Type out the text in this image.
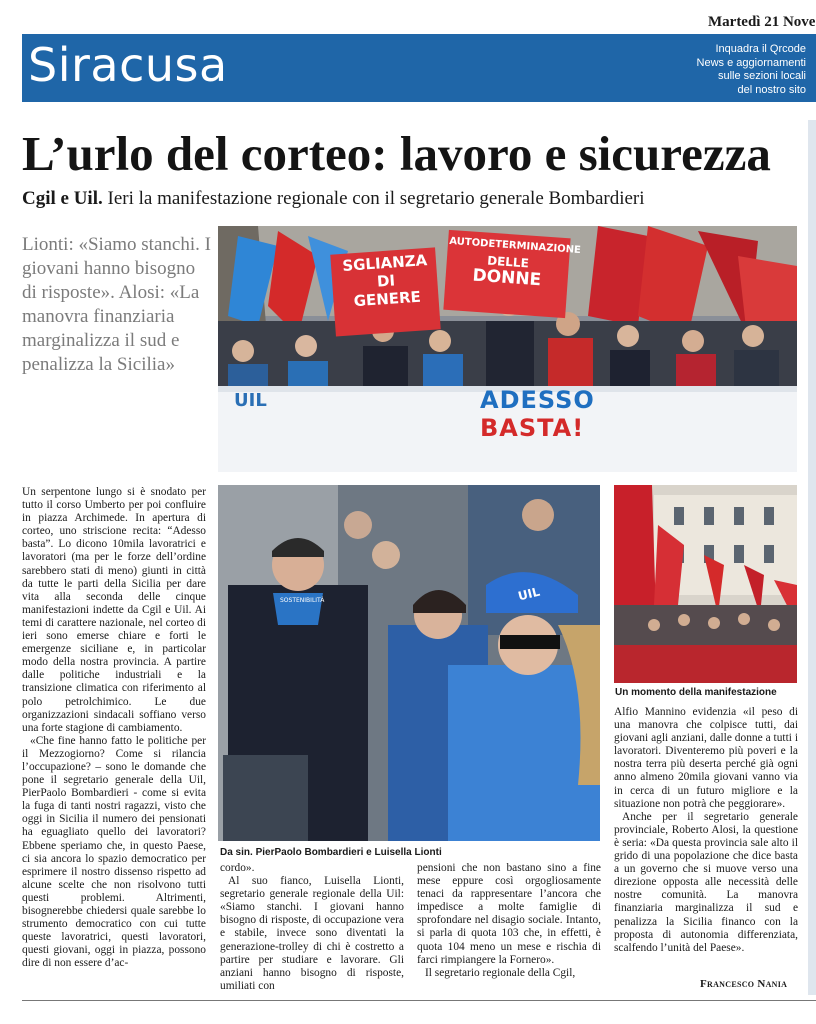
Martedì 21 Nove
Siracusa	Inquadra il Qrcode
News e aggiornamenti
sulle sezioni locali
del nostro sito
L’urlo del corteo: lavoro e sicurezza
Cgil e Uil. Ieri la manifestazione regionale con il segretario generale Bombardieri
Lionti: «Siamo stanchi. I giovani hanno bisogno di risposte». Alosi: «La manovra finanziaria marginalizza il sud e penalizza la Sicilia»
SGLIANZA
DI
GENERE
AUTODETERMINAZIONE
DELLE
DONNE
UIL	ADESSO
BASTA!
UIL
SOSTENIBILITÀ
Da sin. PierPaolo Bombardieri e Luisella Lionti
Un momento della manifestazione

Un serpentone lungo si è snodato per tutto il corso Umberto per poi confluire in piazza Archimede. In apertura di corteo, uno striscione recita: “Adesso basta”. Lo dicono 10mila lavoratrici e lavoratori (ma per le forze dell’ordine sarebbero stati di meno) giunti in città da tutte le parti della Sicilia per dare vita alla seconda delle cinque manifestazioni indette da Cgil e Uil. Ai temi di carattere nazionale, nel corteo di ieri sono emerse chiare e forti le emergenze siciliane e, in particolar modo della nostra provincia. A partire dalle politiche industriali e la transizione climatica con riferimento al polo petrolchimico. Le due organizzazioni sindacali soffiano verso una forte stagione di cambiamento.

«Che fine hanno fatto le politiche per il Mezzogiorno? Come si rilancia l’occupazione? – sono le domande che pone il segretario generale della Uil, PierPaolo Bombardieri - come si evita la fuga di tanti nostri ragazzi, visto che oggi in Sicilia il numero dei pensionati ha eguagliato quello dei lavoratori? Ebbene speriamo che, in questo Paese, ci sia ancora lo spazio democratico per esprimere il nostro dissenso rispetto ad alcune scelte che non risolvono tutti questi problemi. Altrimenti, bisognerebbe chiedersi quale sarebbe lo strumento democratico con cui tutte queste lavoratrici, questi lavoratori, questi giovani, oggi in piazza, possono dire di non essere d’ac-

cordo».

Al suo fianco, Luisella Lionti, segretario generale regionale della Uil: «Siamo stanchi. I giovani hanno bisogno di risposte, di occupazione vera e stabile, invece sono diventati la generazione-trolley di chi è costretto a partire per studiare e lavorare. Gli anziani hanno bisogno di risposte, umiliati con

pensioni che non bastano sino a fine mese eppure così orgogliosamente tenaci da rappresentare l’ancora che impedisce a molte famiglie di sprofondare nel disagio sociale. Intanto, si parla di quota 103 che, in effetti, è quota 104 meno un mese e rischia di farci rimpiangere la Fornero».

Il segretario regionale della Cgil,

Alfio Mannino evidenzia «il peso di una manovra che colpisce tutti, dai giovani agli anziani, dalle donne a tutti i lavoratori. Diventeremo più poveri e la nostra terra più deserta perché già ogni anno almeno 20mila giovani vanno via in cerca di un futuro migliore e la situazione non potrà che peggiorare».

Anche per il segretario generale provinciale, Roberto Alosi, la questione è seria: «Da questa provincia sale alto il grido di una popolazione che dice basta a un governo che si muove verso una direzione opposta alle necessità delle nostre comunità. La manovra finanziaria marginalizza il sud e penalizza la Sicilia financo con la proposta di autonomia differenziata, scalfendo l’unità del Paese».

Francesco Nania
